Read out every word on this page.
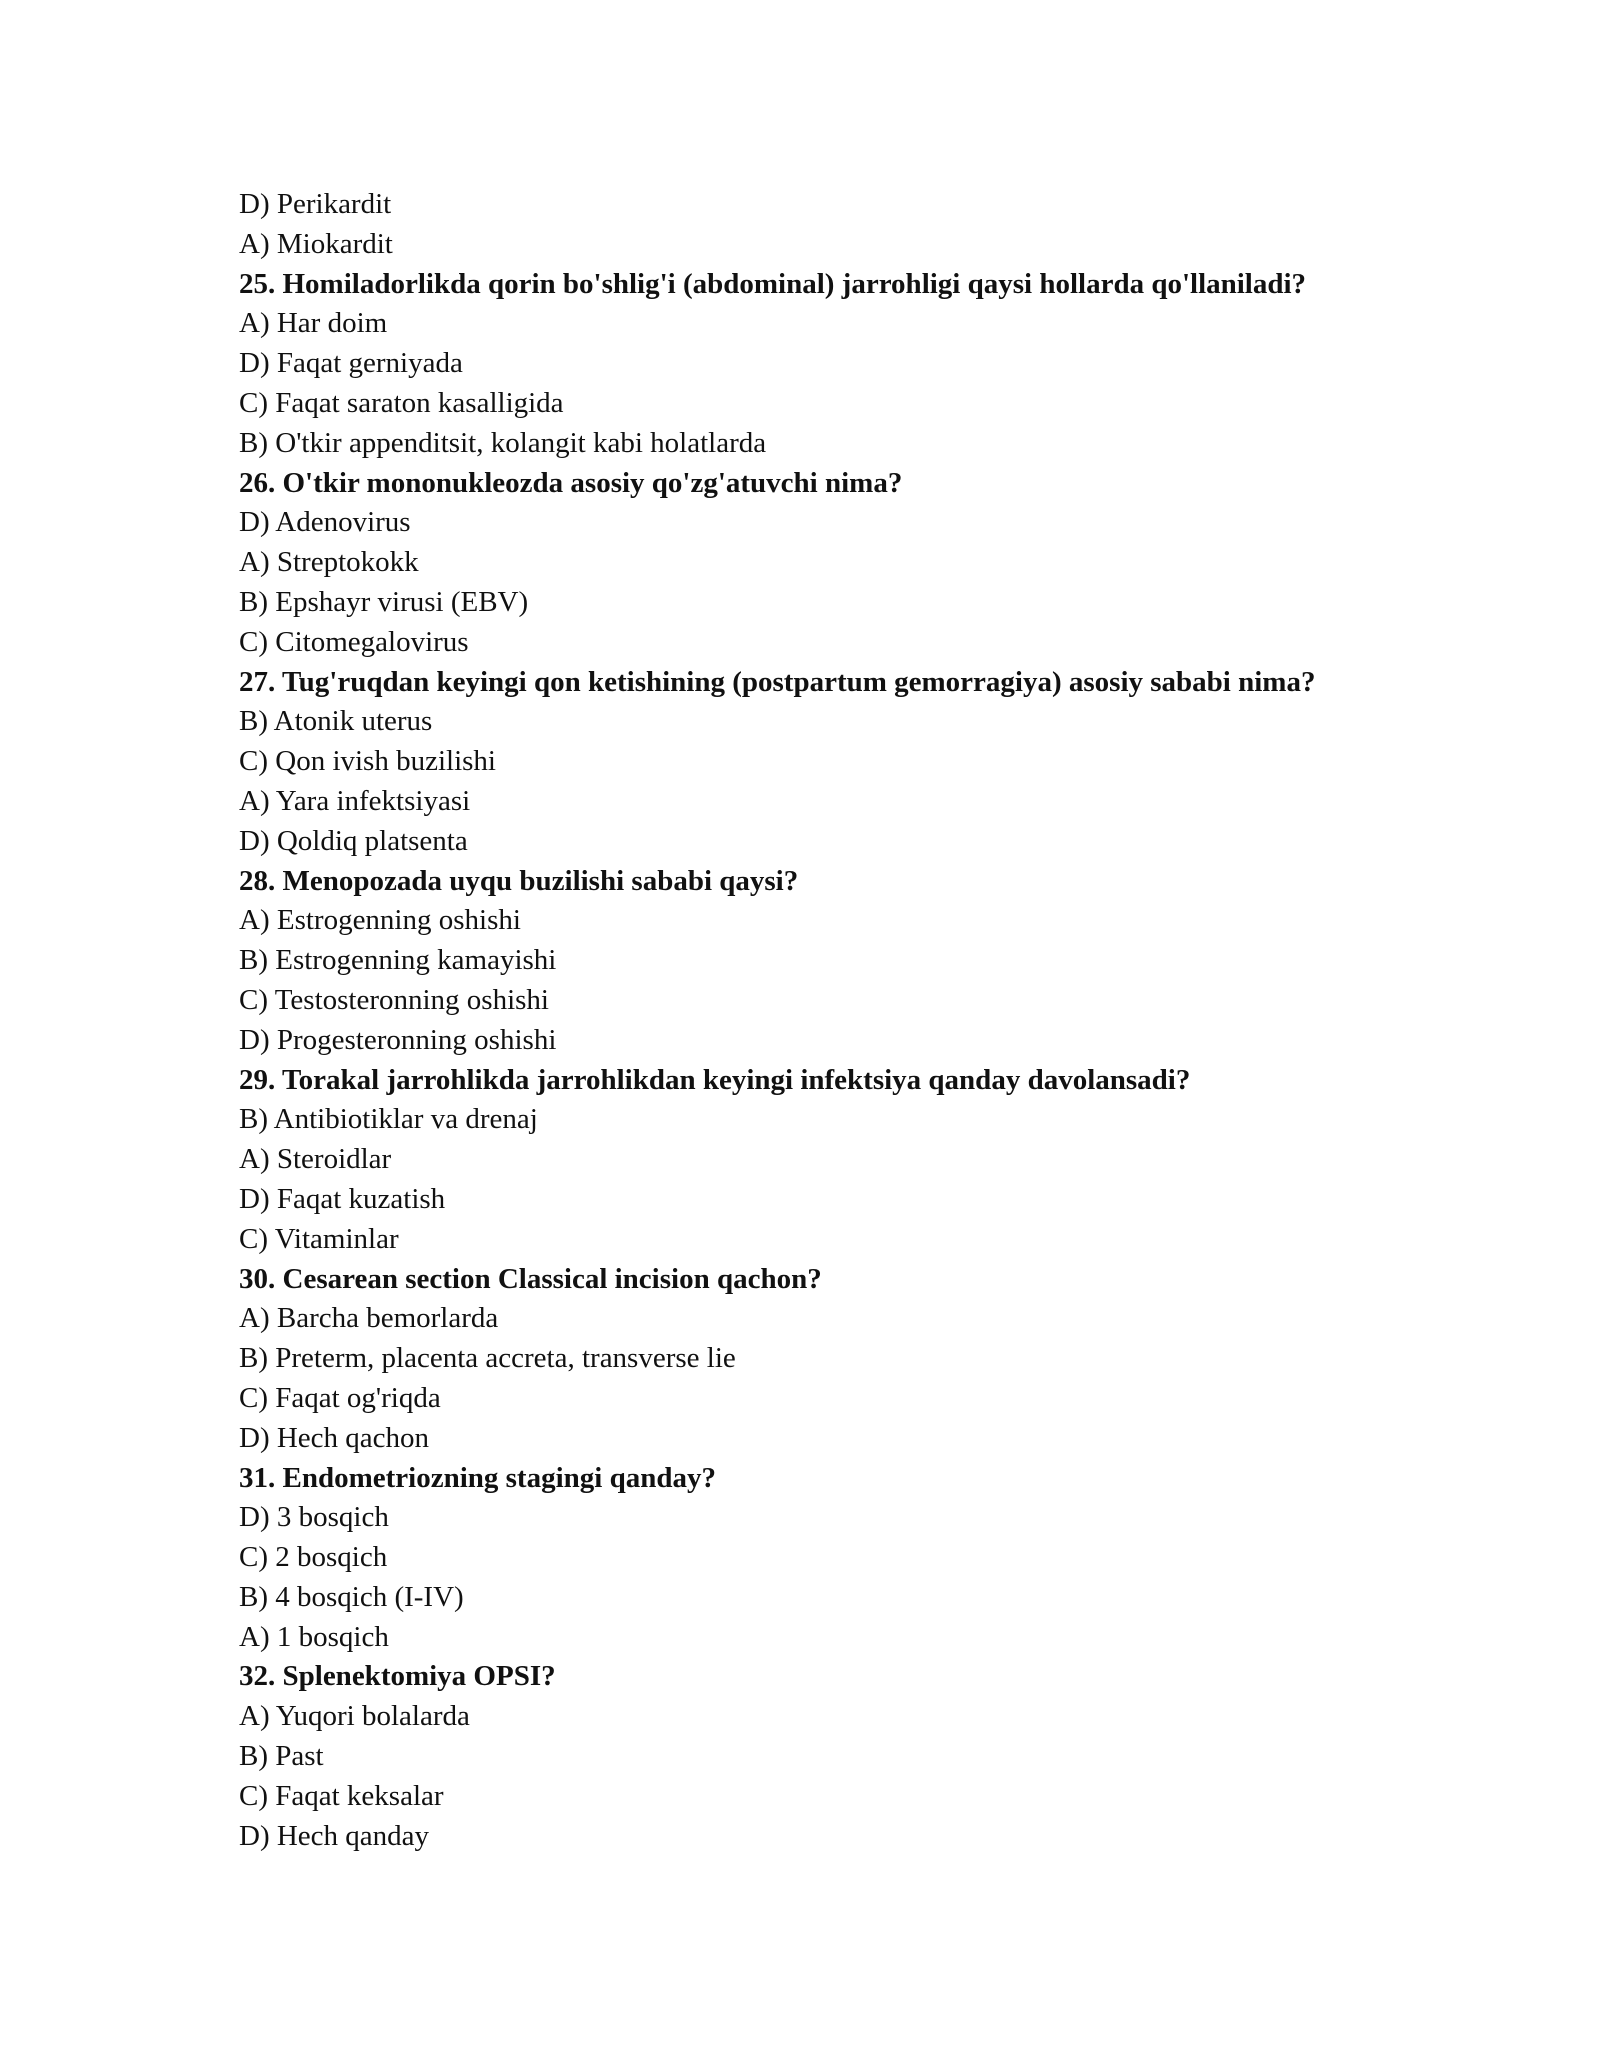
D) Perikardit

A) Miokardit

25. Homiladorlikda qorin bo'shlig'i (abdominal) jarrohligi qaysi hollarda qo'llaniladi?

A) Har doim

D) Faqat gerniyada

C) Faqat saraton kasalligida

B) O'tkir appenditsit, kolangit kabi holatlarda

26. O'tkir mononukleozda asosiy qo'zg'atuvchi nima?

D) Adenovirus

A) Streptokokk

B) Epshayr virusi (EBV)

C) Citomegalovirus

27. Tug'ruqdan keyingi qon ketishining (postpartum gemorragiya) asosiy sababi nima?

B) Atonik uterus

C) Qon ivish buzilishi

A) Yara infektsiyasi

D) Qoldiq platsenta

28. Menopozada uyqu buzilishi sababi qaysi?

A) Estrogenning oshishi

B) Estrogenning kamayishi

C) Testosteronning oshishi

D) Progesteronning oshishi

29. Torakal jarrohlikda jarrohlikdan keyingi infektsiya qanday davolansadi?

B) Antibiotiklar va drenaj

A) Steroidlar

D) Faqat kuzatish

C) Vitaminlar

30. Cesarean section Classical incision qachon?

A) Barcha bemorlarda

B) Preterm, placenta accreta, transverse lie

C) Faqat og'riqda

D) Hech qachon

31. Endometriozning stagingi qanday?

D) 3 bosqich

C) 2 bosqich

B) 4 bosqich (I-IV)

A) 1 bosqich

32. Splenektomiya OPSI?

A) Yuqori bolalarda

B) Past

C) Faqat keksalar

D) Hech qanday
